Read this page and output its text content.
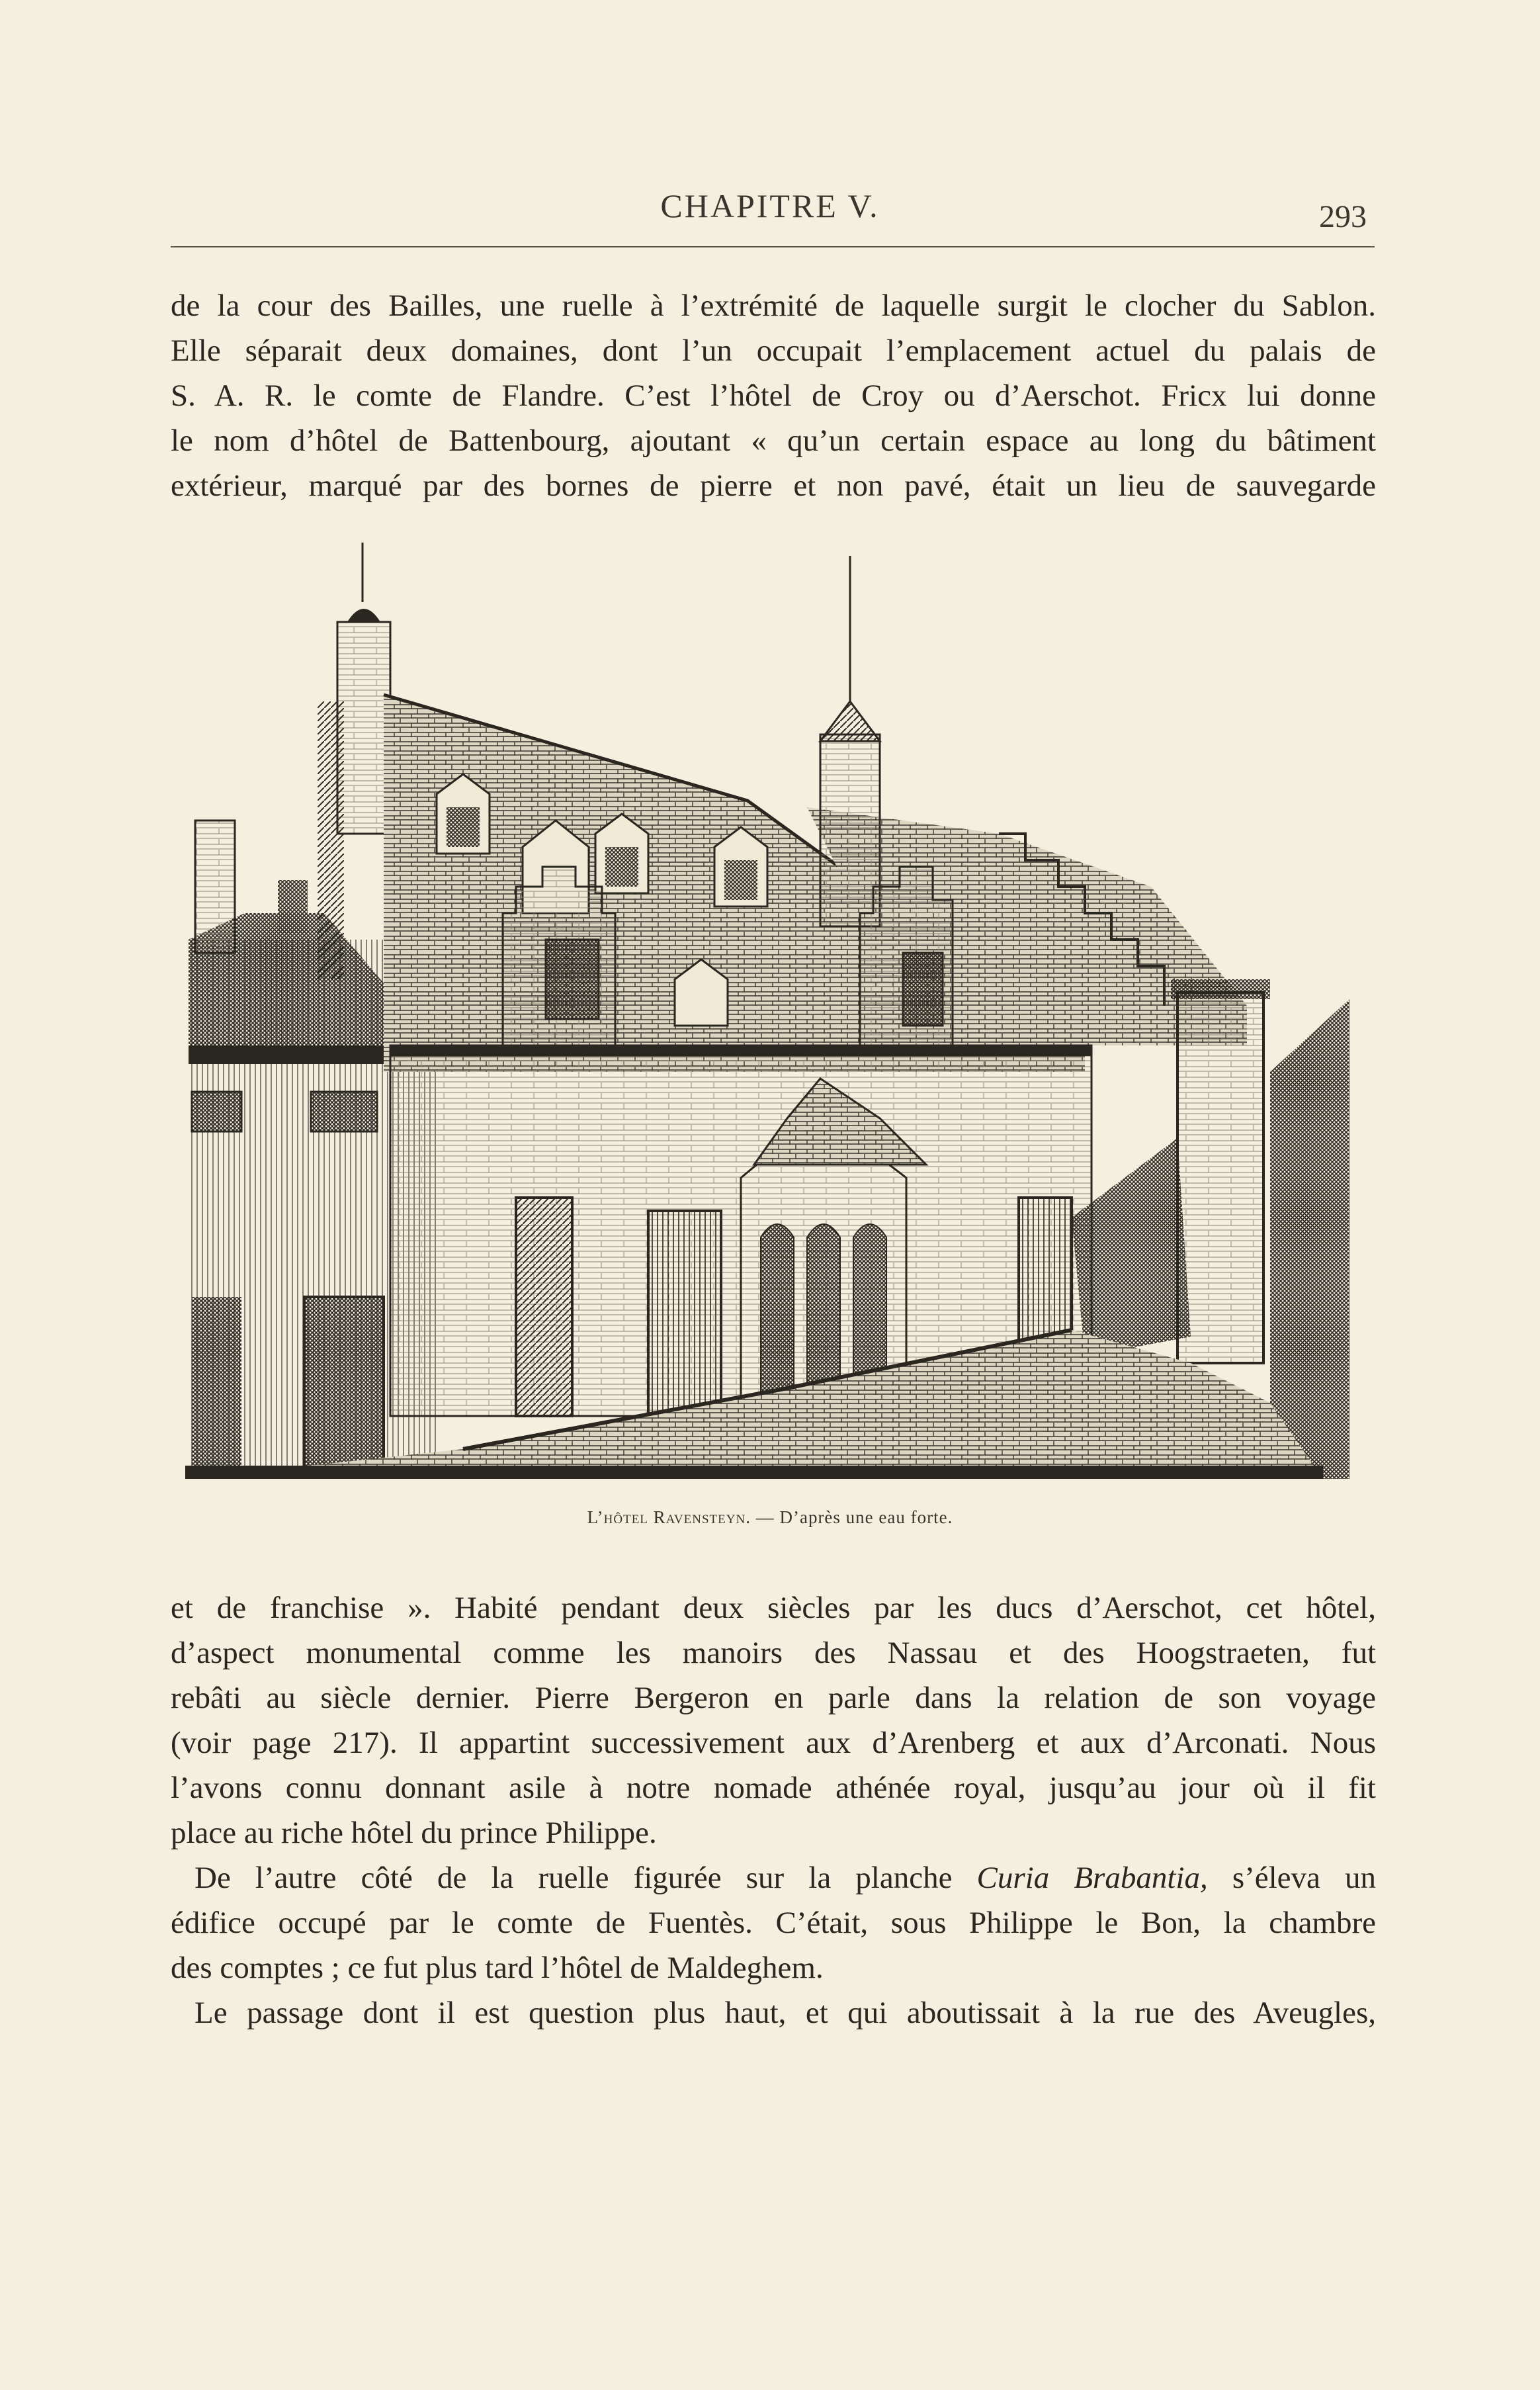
CHAPITRE V.	293
de la cour des Bailles, une ruelle à l’extrémité de laquelle surgit le clocher du Sablon.
Elle séparait deux domaines, dont l’un occupait l’emplacement actuel du palais de
S. A. R. le comte de Flandre. C’est l’hôtel de Croy ou d’Aerschot. Fricx lui donne
le nom d’hôtel de Battenbourg, ajoutant « qu’un certain espace au long du bâtiment
extérieur, marqué par des bornes de pierre et non pavé, était un lieu de sauvegarde
L’hôtel Ravensteyn. — D’après une eau forte.
et de franchise ». Habité pendant deux siècles par les ducs d’Aerschot, cet hôtel,
d’aspect monumental comme les manoirs des Nassau et des Hoogstraeten, fut
rebâti au siècle dernier. Pierre Bergeron en parle dans la relation de son voyage
(voir page 217). Il appartint successivement aux d’Arenberg et aux d’Arconati. Nous
l’avons connu donnant asile à notre nomade athénée royal, jusqu’au jour où il fit
place au riche hôtel du prince Philippe.
De l’autre côté de la ruelle figurée sur la planche Curia Brabantia, s’éleva un
édifice occupé par le comte de Fuentès. C’était, sous Philippe le Bon, la chambre
des comptes ; ce fut plus tard l’hôtel de Maldeghem.
Le passage dont il est question plus haut, et qui aboutissait à la rue des Aveugles,
